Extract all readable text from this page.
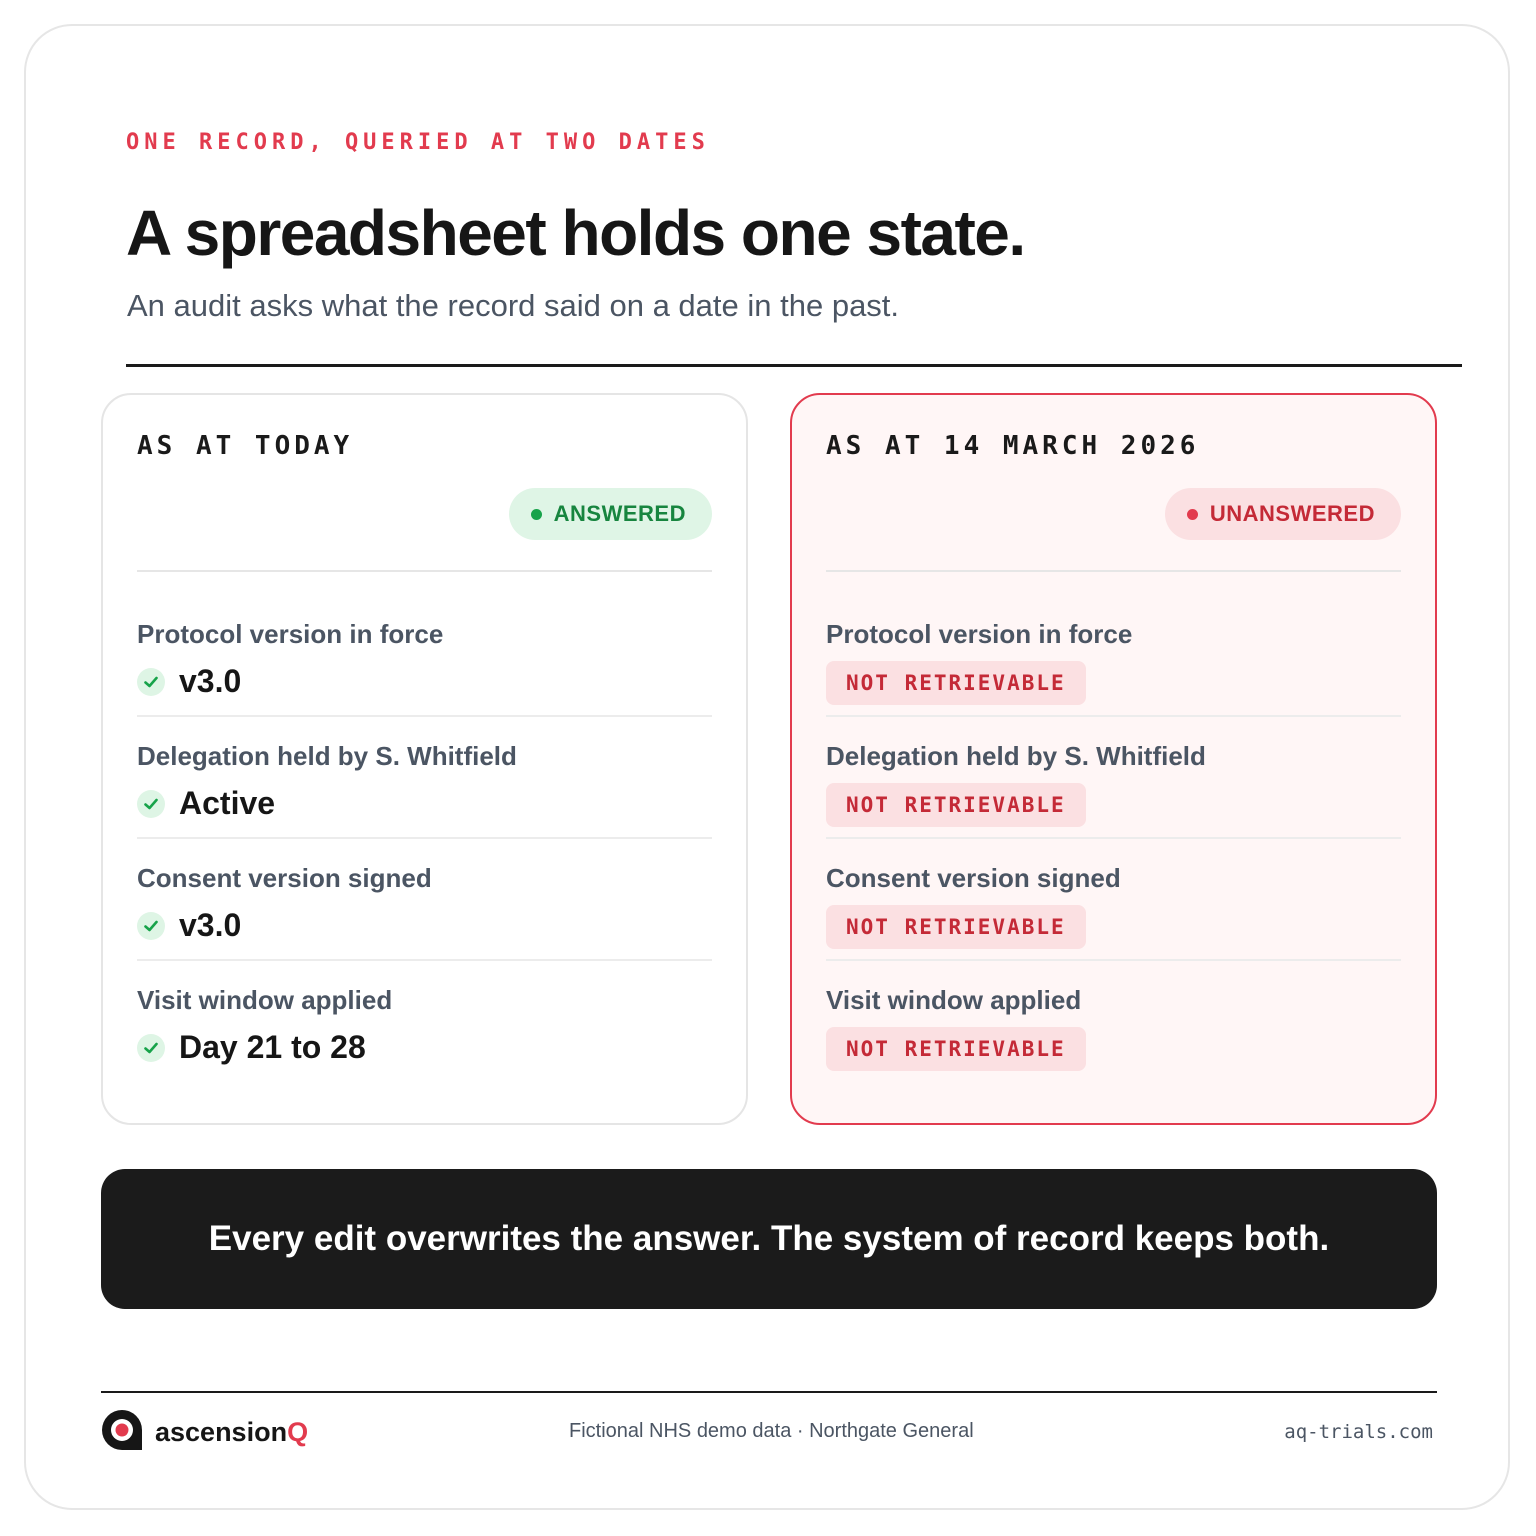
ONE RECORD, QUERIED AT TWO DATES
A spreadsheet holds one state.

An audit asks what the record said on a date in the past.

AS AT TODAY
ANSWERED
Protocol version in force
v3.0
Delegation held by S. Whitfield
Active
Consent version signed
v3.0
Visit window applied
Day 21 to 28
AS AT 14 MARCH 2026
UNANSWERED
Protocol version in force
NOT RETRIEVABLE
Delegation held by S. Whitfield
NOT RETRIEVABLE
Consent version signed
NOT RETRIEVABLE
Visit window applied
NOT RETRIEVABLE
Every edit overwrites the answer. The system of record keeps both.
ascensionQ	Fictional NHS demo data · Northgate General	aq-trials.com
